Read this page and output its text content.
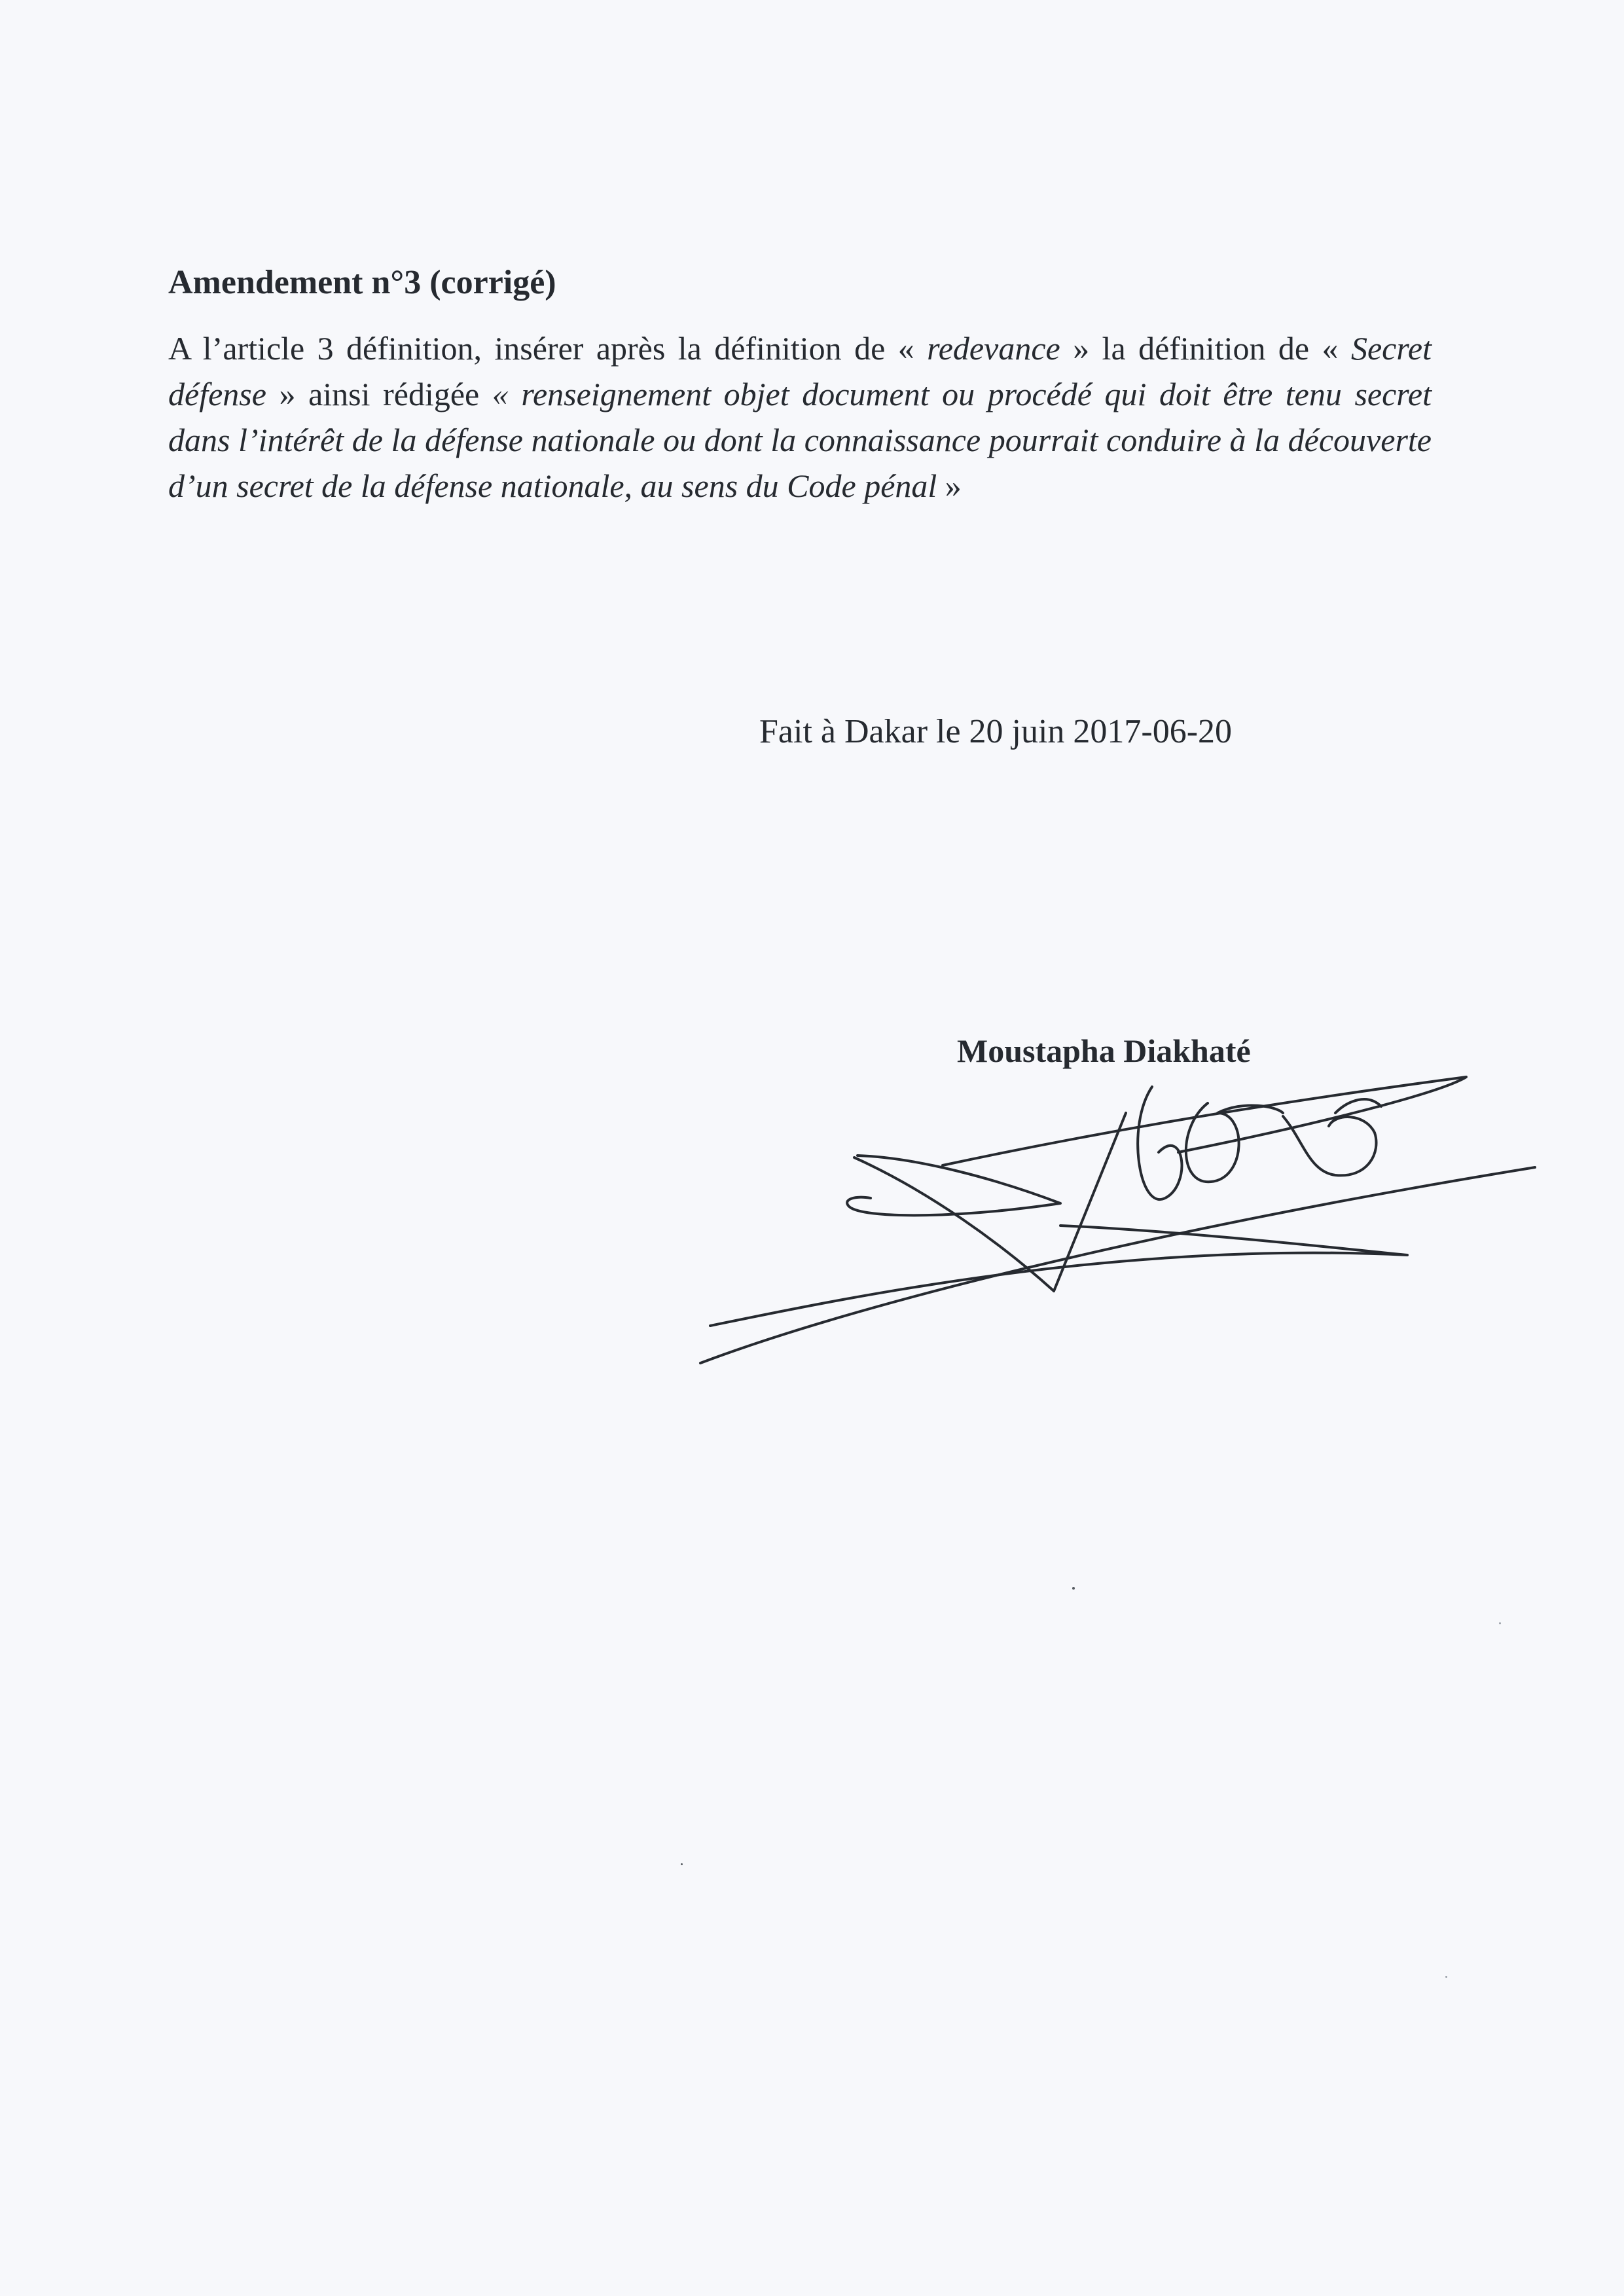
Amendement n°3 (corrigé)

A l’article 3 définition, insérer après la définition de « redevance » la définition de « Secret défense » ainsi rédigée « renseignement objet document ou procédé qui doit être tenu secret dans l’intérêt de la défense nationale ou dont la connaissance pourrait conduire à la découverte d’un secret de la défense nationale, au sens du Code pénal »

Fait à Dakar le 20 juin 2017-06-20

Moustapha Diakhaté
